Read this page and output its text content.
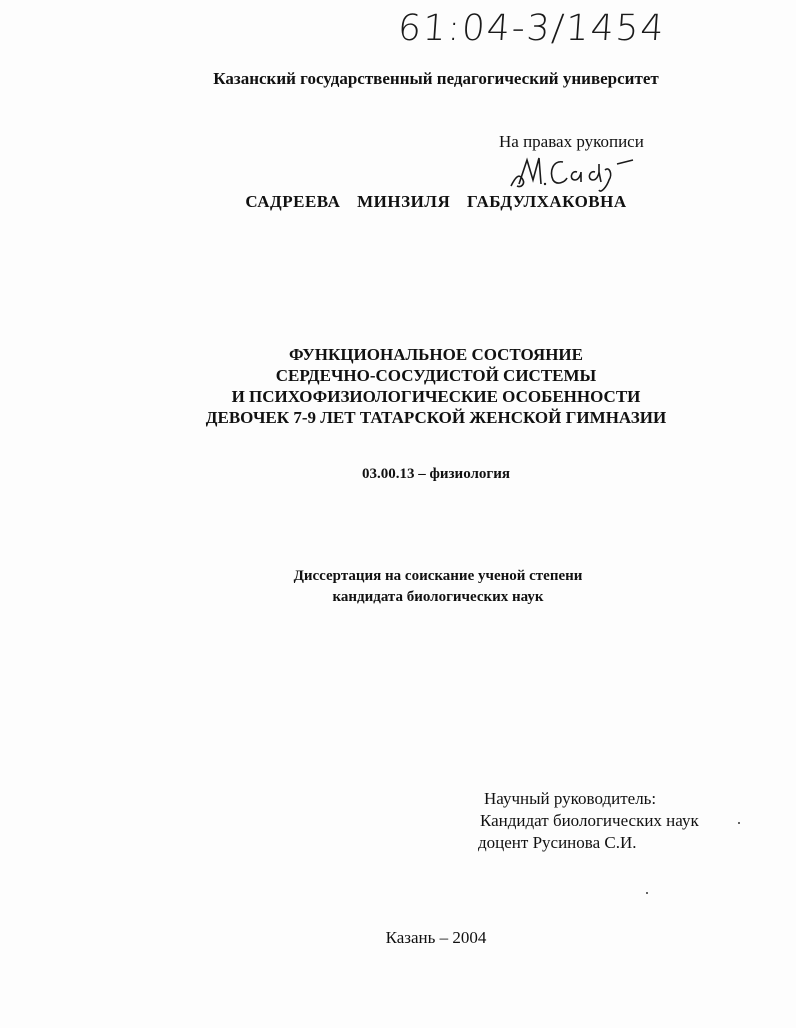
61:04-3/1454
Казанский государственный педагогический университет
На правах рукописи
САДРЕЕВА МИНЗИЛЯ ГАБДУЛХАКОВНА
ФУНКЦИОНАЛЬНОЕ СОСТОЯНИЕ
СЕРДЕЧНО-СОСУДИСТОЙ СИСТЕМЫ
И ПСИХОФИЗИОЛОГИЧЕСКИЕ ОСОБЕННОСТИ
ДЕВОЧЕК 7-9 ЛЕТ ТАТАРСКОЙ ЖЕНСКОЙ ГИМНАЗИИ
03.00.13 – физиология
Диссертация на соискание ученой степени
кандидата биологических наук
Научный руководитель:
Кандидат биологических наук
доцент Русинова С.И.
Казань – 2004
